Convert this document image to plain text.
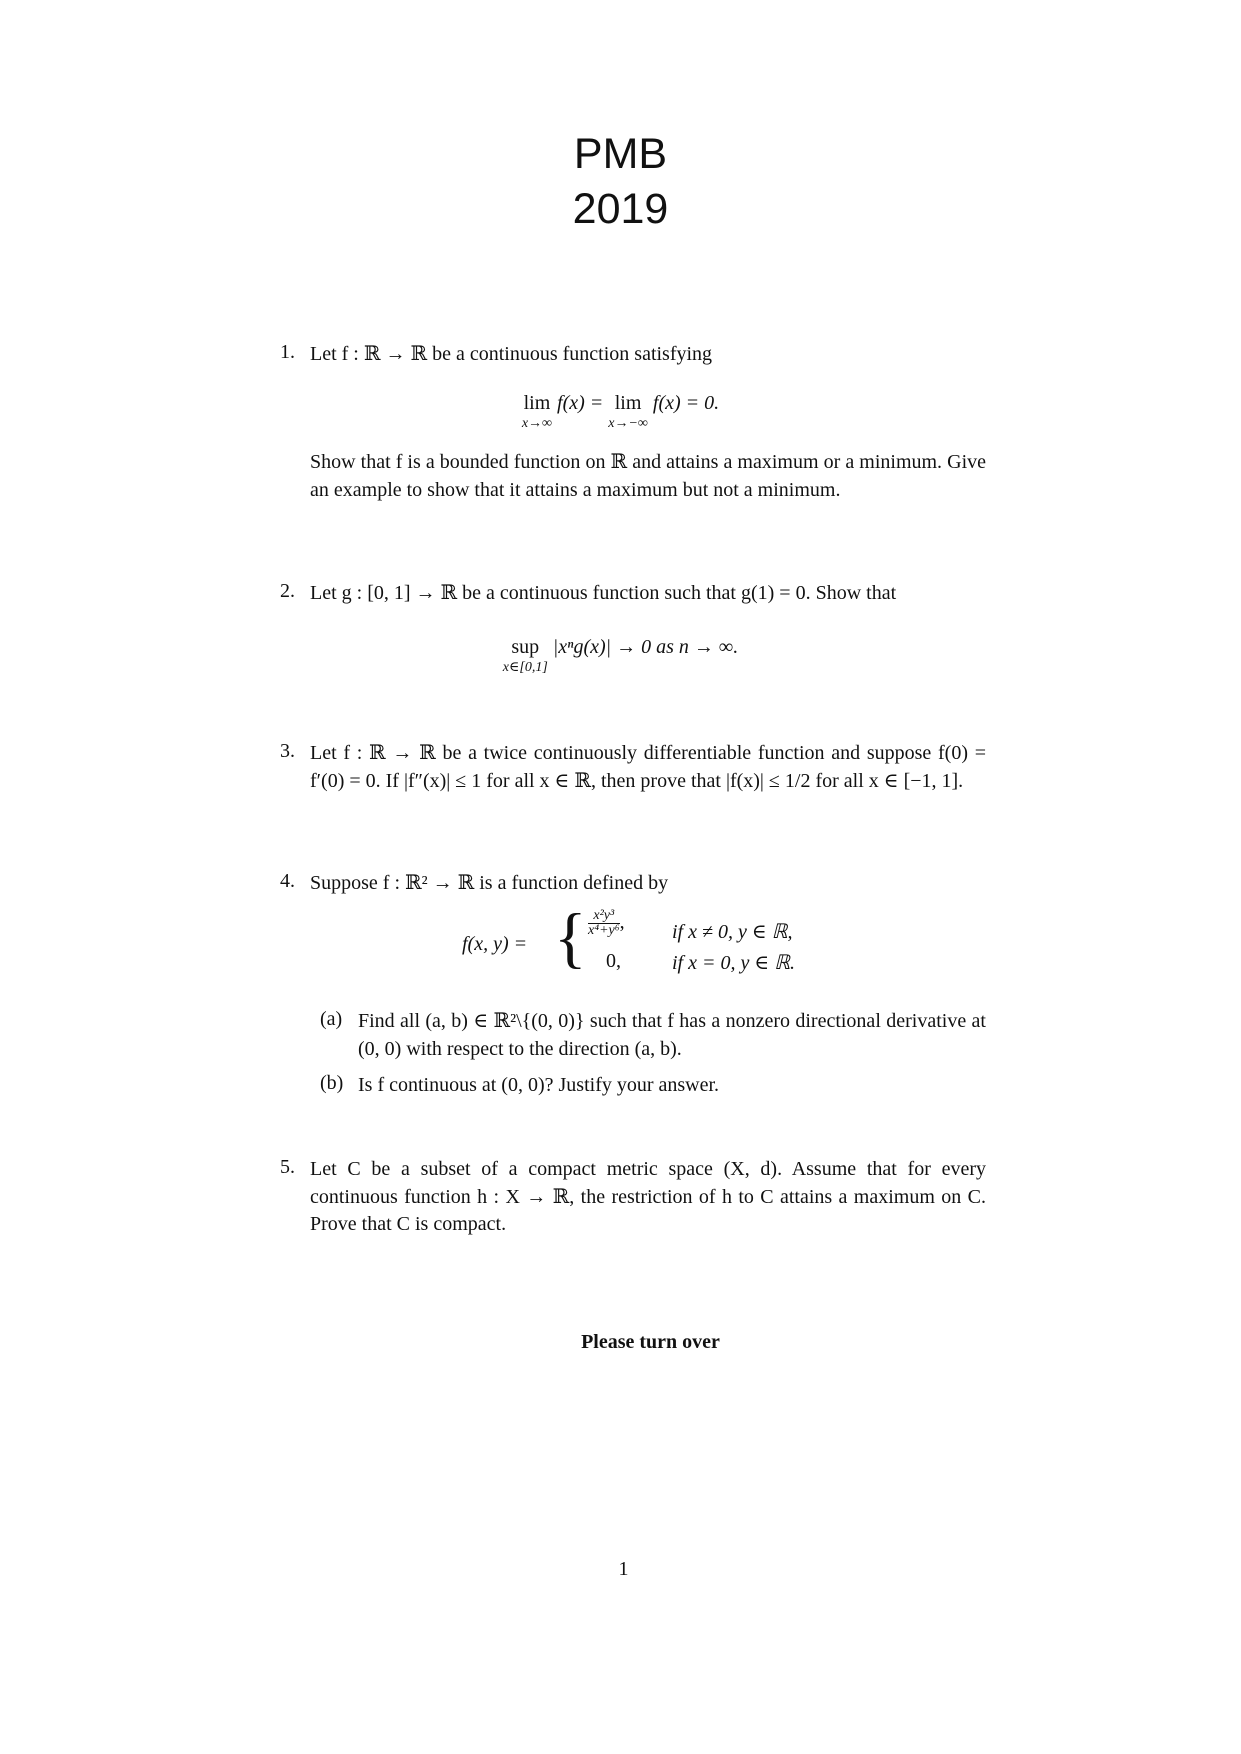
PMB
2019
1. Let f : ℝ → ℝ be a continuous function satisfying
lim
x→∞
f(x) = lim
x→−∞
f(x) = 0.
Show that f is a bounded function on ℝ and attains a maximum or a minimum. Give an example to show that it attains a maximum but not a minimum.
2. Let g : [0, 1] → ℝ be a continuous function such that g(1) = 0. Show that
sup
x∈[0,1]
|xⁿg(x)| → 0 as n → ∞.
3. Let f : ℝ → ℝ be a twice continuously differentiable function and suppose f(0) = f′(0) = 0. If |f″(x)| ≤ 1 for all x ∈ ℝ, then prove that |f(x)| ≤ 1/2 for all x ∈ [−1, 1].
4. Suppose f : ℝ² → ℝ is a function defined by
f(x, y) = { $\frac{\text{x²y³}}{\text{x⁴+y⁶}}$, if x ≠ 0, y ∈ ℝ,
0,	if x = 0, y ∈ ℝ.
(a) Find all (a, b) ∈ ℝ²\{(0, 0)} such that f has a nonzero directional derivative at (0, 0) with respect to the direction (a, b).
(b) Is f continuous at (0, 0)? Justify your answer.
5. Let C be a subset of a compact metric space (X, d). Assume that for every continuous function h : X → ℝ, the restriction of h to C attains a maximum on C. Prove that C is compact.
Please turn over
1
